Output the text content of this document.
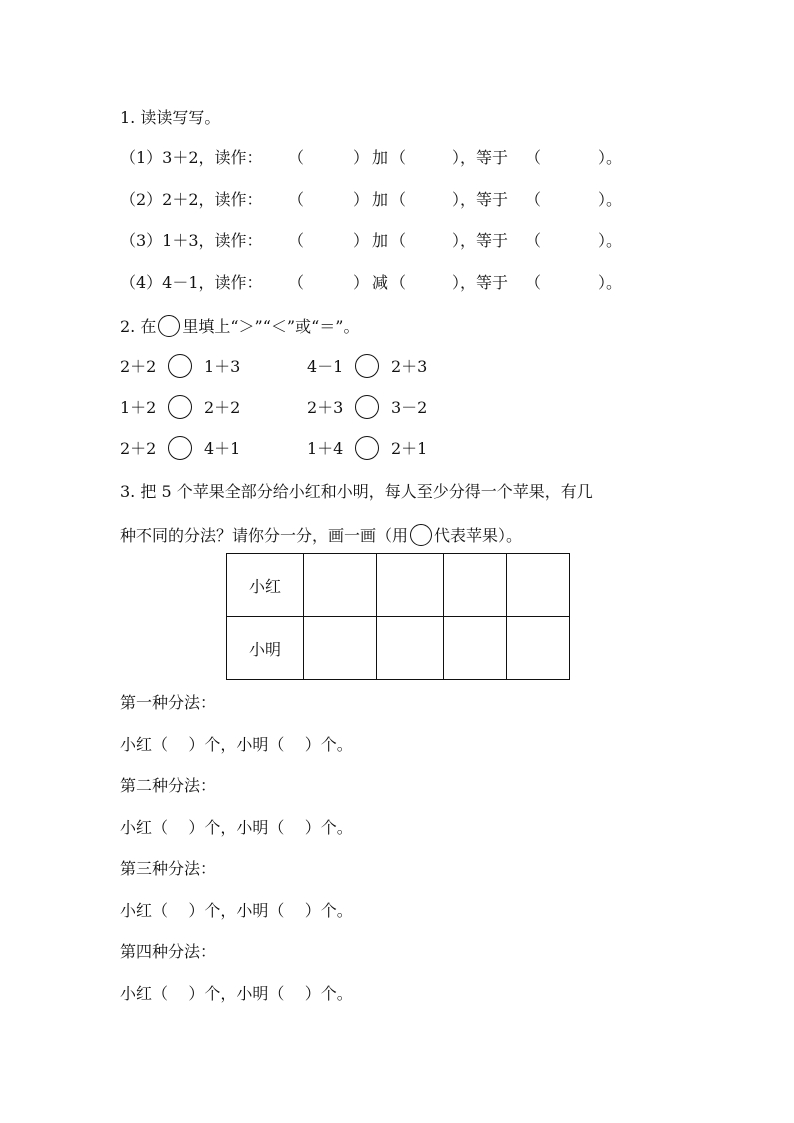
1. 读读写写。
（1）3＋2，读作： （	） 加 （	），等于 （	）。
（2）2＋2，读作： （	） 加 （	），等于 （	）。
（3）1＋3，读作： （	） 加 （	），等于 （	）。
（4）4－1，读作： （	） 减 （	），等于 （	）。
2. 在 里填上“＞”“＜”或“＝”。
2＋2	1＋3	4－1	2＋3
1＋2	2＋2	2＋3	3－2
2＋2	4＋1	1＋4	2＋1
3. 把 5 个苹果全部分给小红和小明，每人至少分得一个苹果，有几
种不同的分法？请你分一分，画一画（用 代表苹果）。
小红				
小明				
第一种分法：
小红（    ）个，小明（    ）个。
第二种分法：
小红（    ）个，小明（    ）个。
第三种分法：
小红（    ）个，小明（    ）个。
第四种分法：
小红（    ）个，小明（    ）个。
